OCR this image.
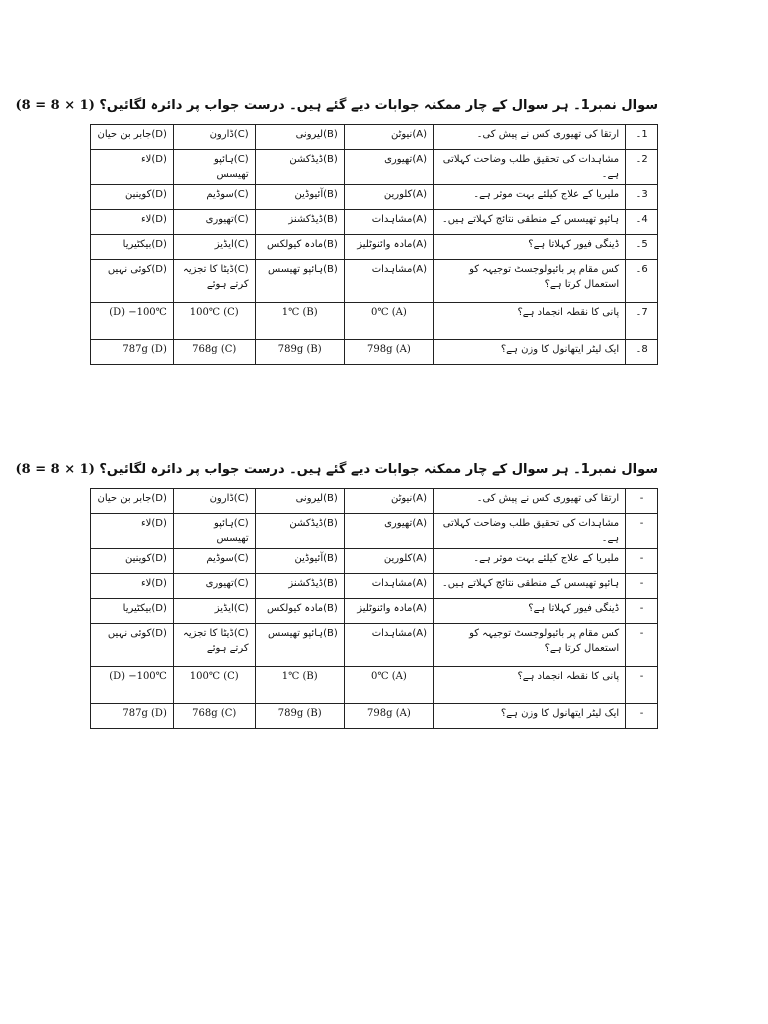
سوال نمبر1۔ ہر سوال کے چار ممکنہ جوابات دیے گئے ہیں۔ درست جواب پر دائرہ لگائیں؟ (1 × 8 = 8)
1۔	ارتقا کی تھیوری کس نے پیش کی۔	(A)نیوٹن	(B)لیرونی	(C)ڈارون	(D)جابر بن حیان
2۔	مشاہدات کی تحقیق طلب وضاحت کہلاتی ہے۔	(A)تھیوری	(B)ڈیڈکشن	(C)ہائپو تھیسس	(D)لاء
3۔	ملیریا کے علاج کیلئے بہت موثر ہے۔	(A)کلورین	(B)آئیوڈین	(C)سوڈیم	(D)کوینین
4۔	ہائپو تھیسس کے منطقی نتائج کہلاتے ہیں۔	(A)مشاہدات	(B)ڈیڈکشنز	(C)تھیوری	(D)لاء
5۔	ڈینگی فیور کہلاتا ہے؟	(A)مادہ وائنوٹلیز	(B)مادہ کیولکس	(C)ایڈیز	(D)بیکٹیریا
6۔	کس مقام پر بائیولوجسٹ توجیہہ کو استعمال کرتا ہے؟	(A)مشاہدات	(B)ہائپو تھیسس	(C)ڈیٹا کا تجزیہ کرتے ہوئے	(D)کوئی نہیں
7۔	پانی کا نقطہ انجماد ہے؟	0℃ (A)	1℃ (B)	100℃ (C)	(D) −100℃
8۔	ایک لیٹر ایتھانول کا وزن ہے؟	798g (A)	789g (B)	768g (C)	787g (D)
سوال نمبر1۔ ہر سوال کے چار ممکنہ جوابات دیے گئے ہیں۔ درست جواب پر دائرہ لگائیں؟ (1 × 8 = 8)
-	ارتقا کی تھیوری کس نے پیش کی۔	(A)نیوٹن	(B)لیرونی	(C)ڈارون	(D)جابر بن حیان
-	مشاہدات کی تحقیق طلب وضاحت کہلاتی ہے۔	(A)تھیوری	(B)ڈیڈکشن	(C)ہائپو تھیسس	(D)لاء
-	ملیریا کے علاج کیلئے بہت موثر ہے۔	(A)کلورین	(B)آئیوڈین	(C)سوڈیم	(D)کوینین
-	ہائپو تھیسس کے منطقی نتائج کہلاتے ہیں۔	(A)مشاہدات	(B)ڈیڈکشنز	(C)تھیوری	(D)لاء
-	ڈینگی فیور کہلاتا ہے؟	(A)مادہ وائنوٹلیز	(B)مادہ کیولکس	(C)ایڈیز	(D)بیکٹیریا
-	کس مقام پر بائیولوجسٹ توجیہہ کو استعمال کرتا ہے؟	(A)مشاہدات	(B)ہائپو تھیسس	(C)ڈیٹا کا تجزیہ کرتے ہوئے	(D)کوئی نہیں
-	پانی کا نقطہ انجماد ہے؟	0℃ (A)	1℃ (B)	100℃ (C)	(D) −100℃
-	ایک لیٹر ایتھانول کا وزن ہے؟	798g (A)	789g (B)	768g (C)	787g (D)
